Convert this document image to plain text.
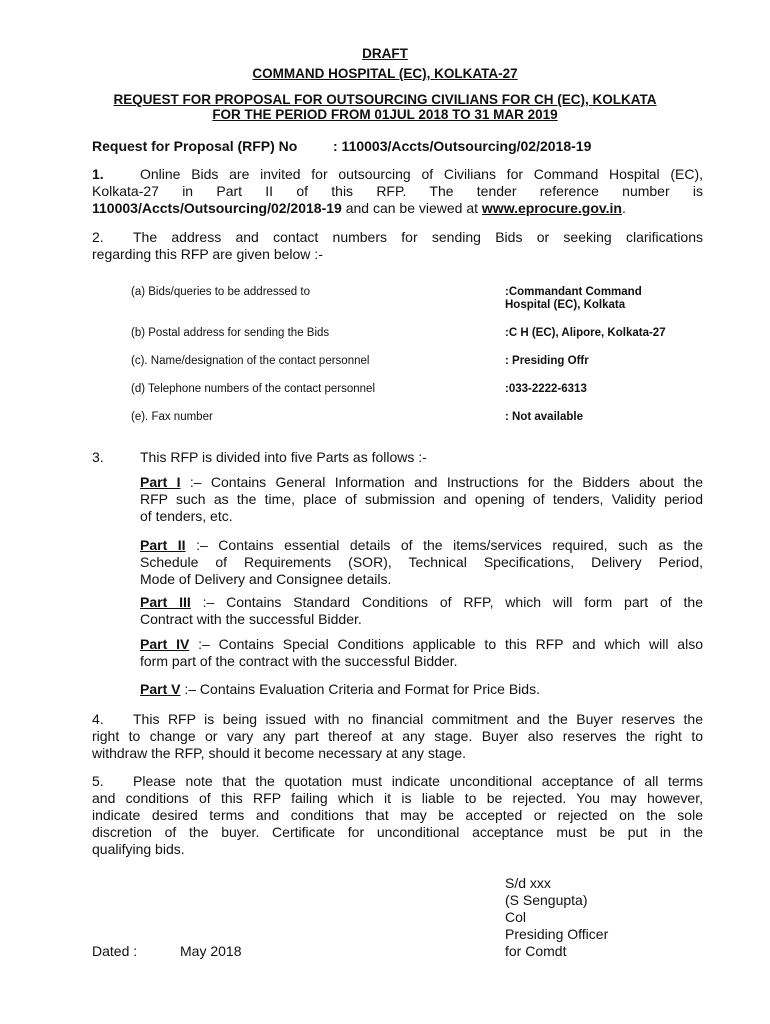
DRAFT
COMMAND HOSPITAL (EC), KOLKATA-27
REQUEST FOR PROPOSAL FOR OUTSOURCING CIVILIANS FOR CH (EC), KOLKATA
FOR THE PERIOD FROM 01JUL 2018 TO 31 MAR 2019
Request for Proposal (RFP) No	: 110003/Accts/Outsourcing/02/2018-19
1.	Online Bids are invited for outsourcing of Civilians for Command Hospital (EC),
Kolkata-27 in Part II of this RFP. The tender reference number is
110003/Accts/Outsourcing/02/2018-19 and can be viewed at www.eprocure.gov.in.
2. The address and contact numbers for sending Bids or seeking clarifications
regarding this RFP are given below :-
(a) Bids/queries to be addressed to	:Commandant Command
Hospital (EC), Kolkata
(b) Postal address for sending the Bids	:C H (EC), Alipore, Kolkata-27
(c). Name/designation of the contact personnel	: Presiding Offr
(d) Telephone numbers of the contact personnel	:033-2222-6313
(e). Fax number	: Not available
3.	This RFP is divided into five Parts as follows :-
Part I :– Contains General Information and Instructions for the Bidders about the
RFP such as the time, place of submission and opening of tenders, Validity period
of tenders, etc.
Part II :– Contains essential details of the items/services required, such as the
Schedule of Requirements (SOR), Technical Specifications, Delivery Period,
Mode of Delivery and Consignee details.
Part III :– Contains Standard Conditions of RFP, which will form part of the
Contract with the successful Bidder.
Part IV :– Contains Special Conditions applicable to this RFP and which will also
form part of the contract with the successful Bidder.
Part V :– Contains Evaluation Criteria and Format for Price Bids.
4. This RFP is being issued with no financial commitment and the Buyer reserves the
right to change or vary any part thereof at any stage. Buyer also reserves the right to
withdraw the RFP, should it become necessary at any stage.
5. Please note that the quotation must indicate unconditional acceptance of all terms
and conditions of this RFP failing which it is liable to be rejected. You may however,
indicate desired terms and conditions that may be accepted or rejected on the sole
discretion of the buyer. Certificate for unconditional acceptance must be put in the
qualifying bids.
S/d xxx
(S Sengupta)
Col
Presiding Officer
for Comdt
Dated :	May 2018
